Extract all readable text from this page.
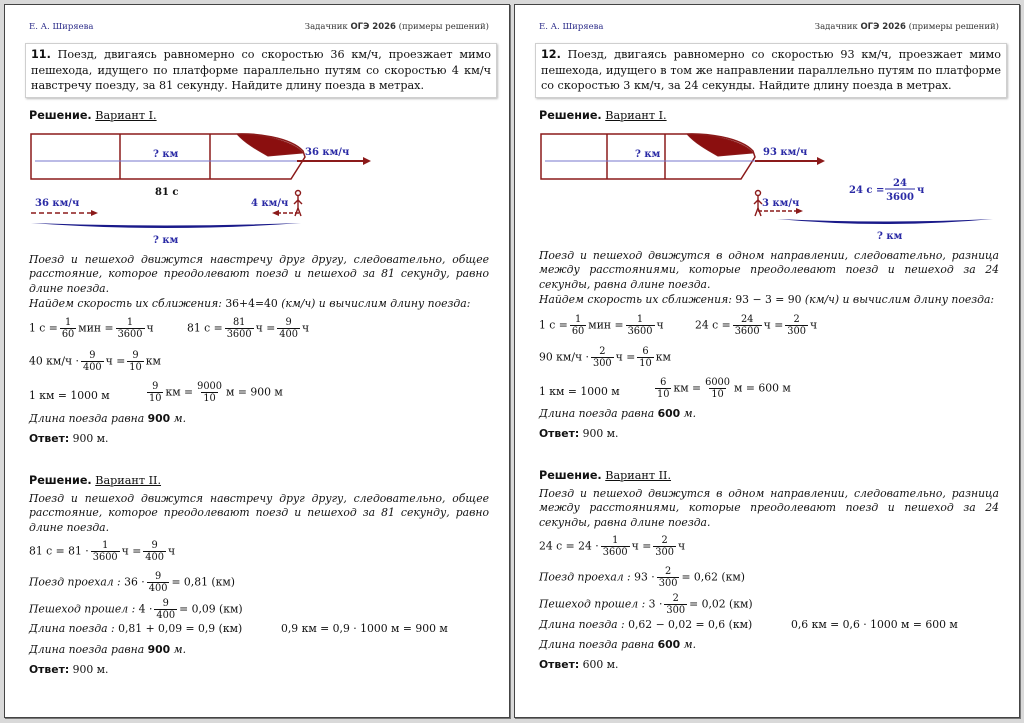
Е. А. Ширяева	Задачник ОГЭ 2026 (примеры решений)
11. Поезд, двигаясь равномерно со скоростью 36 км/ч, проезжает мимо пешехода, идущего по платформе параллельно путям со скоростью 4 км/ч навстречу поезду, за 81 секунду. Найдите длину поезда в метрах.
Решение. Вариант I.
36 км/ч
? км
81 с
36 км/ч	4 км/ч
? км
Поезд и пешеход движутся навстречу друг другу, следовательно, общее расстояние, которое преодолевают поезд и пешеход за 81 секунду, равно длине поезда.
Найдем скорость их сближения: 36+4=40 (км/ч) и вычислим длину поезда:
1 $с = \frac{1}{60}$ мин = $\frac{1}{3600}$ ч	81 $с = \frac{81}{3600}$ $ч = \frac{9}{400}$ ч
40 $км/ч \cdot \frac{9}{400}$ $ч = \frac{9}{10}$ км
1 км = 1000 м	$\frac{9}{10}$ км = $\frac{9000}{10}$ м = 900 м
Длина поезда равна 900 м.
Ответ: 900 м.
Решение. Вариант II.
Поезд и пешеход движутся навстречу друг другу, следовательно, общее расстояние, которое преодолевают поезд и пешеход за 81 секунду, равно длине поезда.
81 $с = 81 \cdot \frac{1}{3600}$ $ч = \frac{9}{400}$ ч
Поезд проехал : $36 \cdot \frac{9}{400} = 0,81$ (км)
Пешеход прошел : $4 \cdot \frac{9}{400} = 0,09$ (км)
Длина поезда : 0,81 + 0,09 = 0,9 (км)	0,9 км = 0,9 · 1000 м = 900 м
Длина поезда равна 900 м.
Ответ: 900 м.
Е. А. Ширяева	Задачник ОГЭ 2026 (примеры решений)
12. Поезд, двигаясь равномерно со скоростью 93 км/ч, проезжает мимо пешехода, идущего в том же направлении параллельно путям по платформе со скоростью 3 км/ч, за 24 секунды. Найдите длину поезда в метрах.
Решение. Вариант I.
93 км/ч
? км
3 км/ч
24 с =
24
3600
ч
? км
Поезд и пешеход движутся в одном направлении, следовательно, разница между расстояниями, которые преодолевают поезд и пешеход за 24 секунды, равна длине поезда.
Найдем скорость их сближения: 93 − 3 = 90 (км/ч) и вычислим длину поезда:
1 $с = \frac{1}{60}$ мин = $\frac{1}{3600}$ ч	24 $с = \frac{24}{3600}$ $ч = \frac{2}{300}$ ч
90 $км/ч \cdot \frac{2}{300}$ $ч = \frac{6}{10}$ км
1 км = 1000 м	$\frac{6}{10}$ км = $\frac{6000}{10}$ м = 600 м
Длина поезда равна 600 м.
Ответ: 900 м.
Решение. Вариант II.
Поезд и пешеход движутся в одном направлении, следовательно, разница между расстояниями, которые преодолевают поезд и пешеход за 24 секунды, равна длине поезда.
24 $с = 24 \cdot \frac{1}{3600}$ $ч = \frac{2}{300}$ ч
Поезд проехал : $93 \cdot \frac{2}{300} = 0,62$ (км)
Пешеход прошел : $3 \cdot \frac{2}{300} = 0,02$ (км)
Длина поезда : 0,62 − 0,02 = 0,6 (км)	0,6 км = 0,6 · 1000 м = 600 м
Длина поезда равна 600 м.
Ответ: 600 м.
